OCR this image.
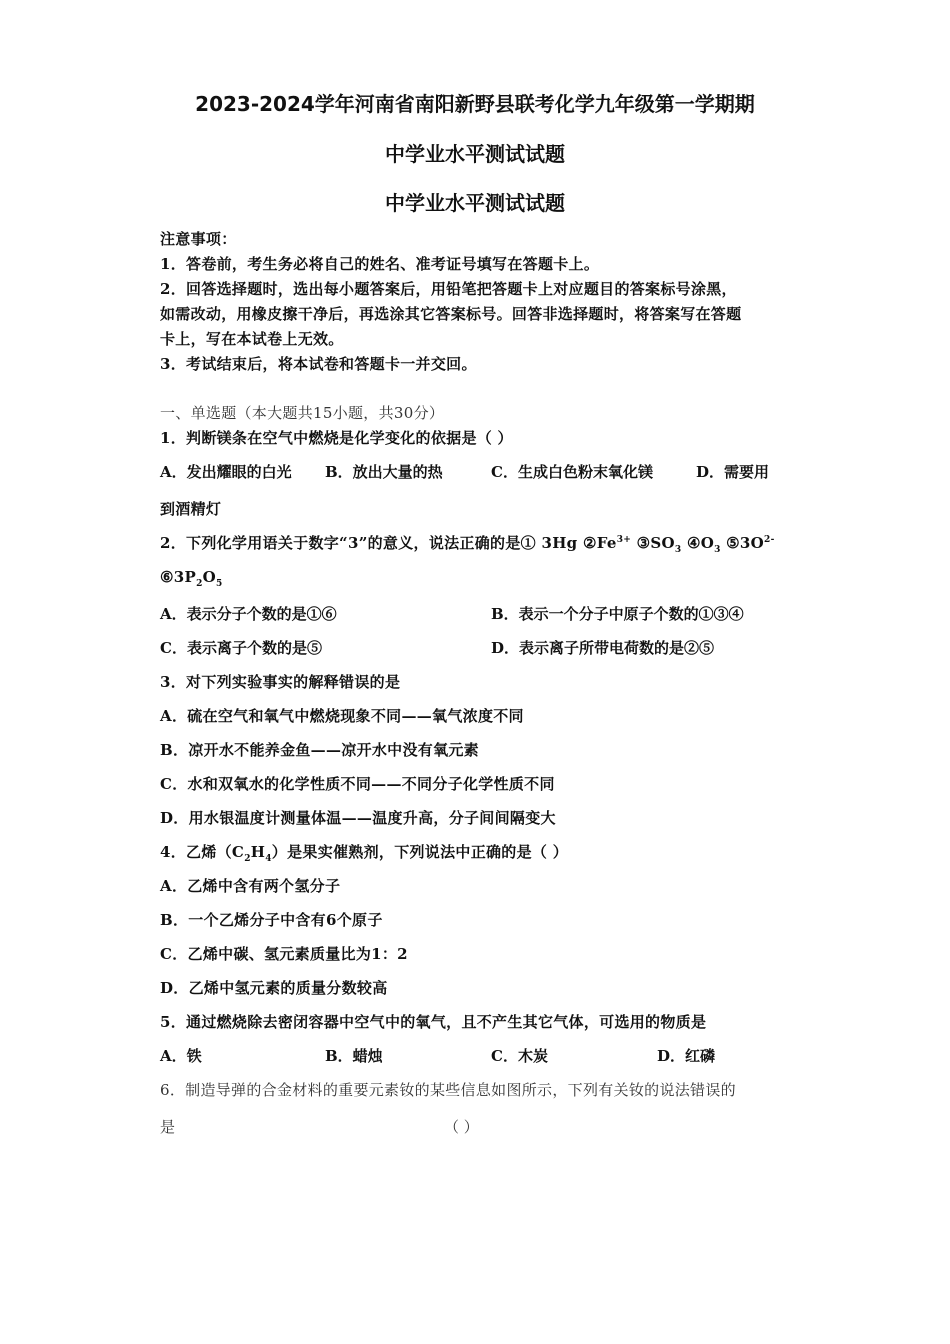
2023-2024学年河南省南阳新野县联考化学九年级第一学期期
中学业水平测试试题
中学业水平测试试题
注意事项：
1．答卷前，考生务必将自己的姓名、准考证号填写在答题卡上。
2．回答选择题时，选出每小题答案后，用铅笔把答题卡上对应题目的答案标号涂黑，
如需改动，用橡皮擦干净后，再选涂其它答案标号。回答非选择题时，将答案写在答题
卡上，写在本试卷上无效。
3．考试结束后，将本试卷和答题卡一并交回。
一、单选题（本大题共15小题，共30分）
1．判断镁条在空气中燃烧是化学变化的依据是（ ）
A．发出耀眼的白光 B．放出大量的热	C．生成白色粉末氧化镁	D．需要用
到酒精灯
2．下列化学用语关于数字“3”的意义，说法正确的是① 3Hg $②Fe^{3+}$ $③SO_3$ $④O_3$ $⑤3O^{2-}$
$⑥3P_2O_5$
A．表示分子个数的是①⑥	B．表示一个分子中原子个数的①③④
C．表示离子个数的是⑤	D．表示离子所带电荷数的是②⑤
3．对下列实验事实的解释错误的是
A．硫在空气和氧气中燃烧现象不同——氧气浓度不同
B．凉开水不能养金鱼——凉开水中没有氧元素
C．水和双氧水的化学性质不同——不同分子化学性质不同
D．用水银温度计测量体温——温度升高，分子间间隔变大
4．乙烯$(C_2H_4)$是果实催熟剂，下列说法中正确的是（ ）
A．乙烯中含有两个氢分子
B．一个乙烯分子中含有6个原子
C．乙烯中碳、氢元素质量比为1：2
D．乙烯中氢元素的质量分数较高
5．通过燃烧除去密闭容器中空气中的氧气，且不产生其它气体，可选用的物质是
A．铁	B．蜡烛	C．木炭	D．红磷
6．制造导弹的合金材料的重要元素钕的某些信息如图所示，下列有关钕的说法错误的
是	（ ）
